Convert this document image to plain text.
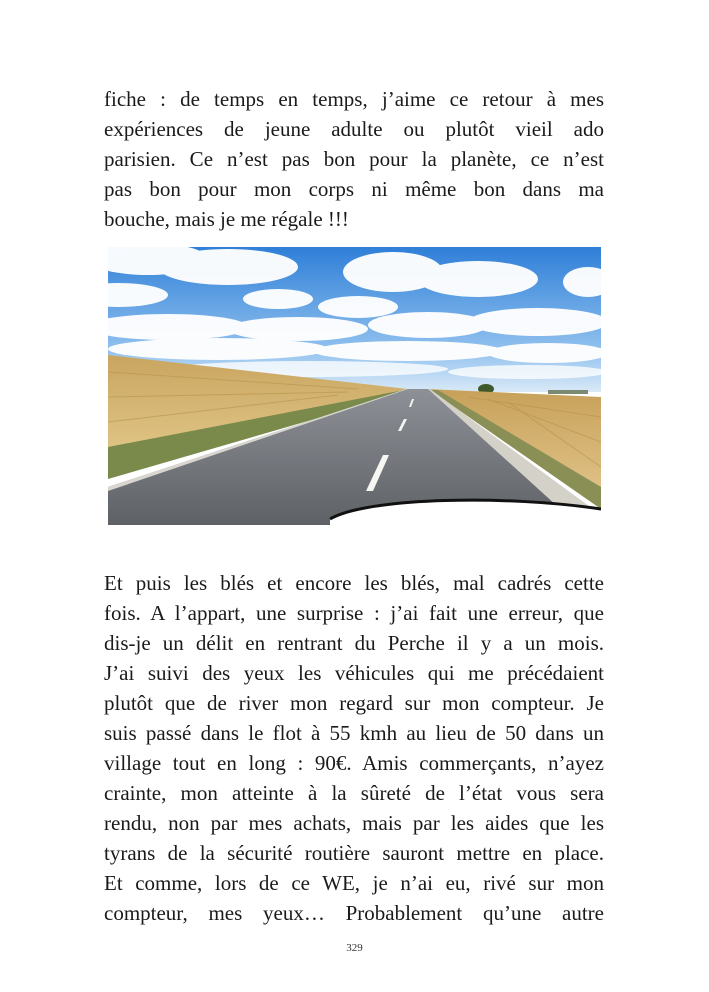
fiche : de temps en temps, j’aime ce retour à mes
expériences de jeune adulte ou plutôt vieil ado
parisien. Ce n’est pas bon pour la planète, ce n’est
pas bon pour mon corps ni même bon dans ma
bouche, mais je me régale !!!
Et puis les blés et encore les blés, mal cadrés cette
fois. A l’appart, une surprise : j’ai fait une erreur, que
dis-je un délit en rentrant du Perche il y a un mois.
J’ai suivi des yeux les véhicules qui me précédaient
plutôt que de river mon regard sur mon compteur. Je
suis passé dans le flot à 55 kmh au lieu de 50 dans un
village tout en long : 90€. Amis commerçants, n’ayez
crainte, mon atteinte à la sûreté de l’état vous sera
rendu, non par mes achats, mais par les aides que les
tyrans de la sécurité routière sauront mettre en place.
Et comme, lors de ce WE, je n’ai eu, rivé sur mon
compteur, mes yeux… Probablement qu’une autre
329
